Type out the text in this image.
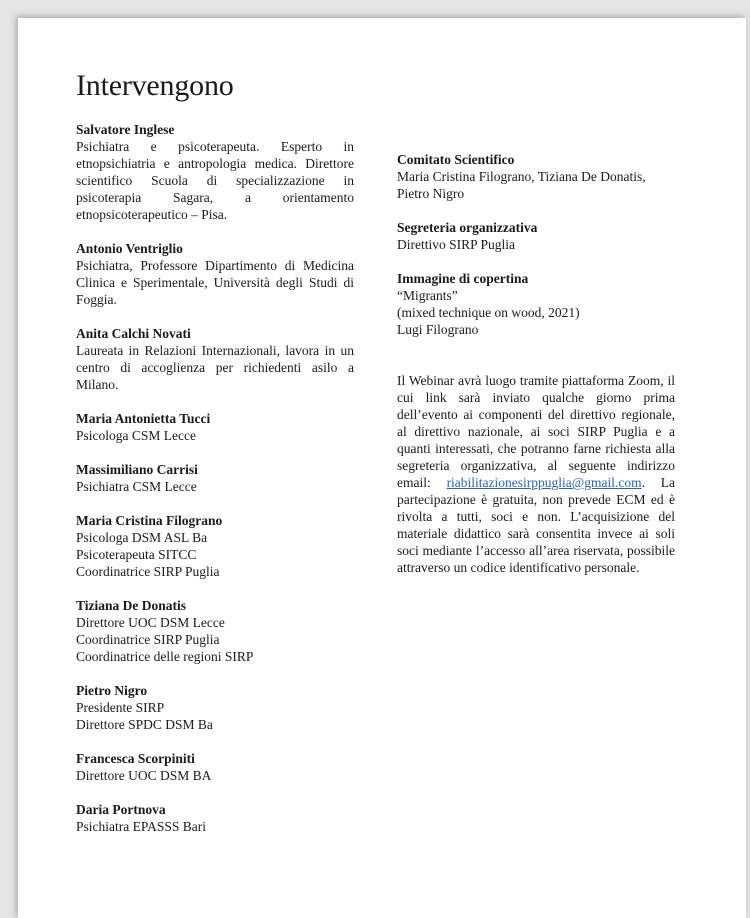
Intervengono
Salvatore Inglese
Psichiatra e psicoterapeuta. Esperto in etnopsichiatria e antropologia medica. Direttore scientifico Scuola di specializzazione in psicoterapia Sagara, a orientamento etnopsicoterapeutico – Pisa.
Antonio Ventriglio
Psichiatra, Professore Dipartimento di Medicina Clinica e Sperimentale, Università degli Studi di Foggia.
Anita Calchi Novati
Laureata in Relazioni Internazionali, lavora in un centro di accoglienza per richiedenti asilo a Milano.
Maria Antonietta Tucci
Psicologa CSM Lecce
Massimiliano Carrisi
Psichiatra CSM Lecce
Maria Cristina Filograno
Psicologa DSM ASL Ba
Psicoterapeuta SITCC
Coordinatrice SIRP Puglia
Tiziana De Donatis
Direttore UOC DSM Lecce
Coordinatrice SIRP Puglia
Coordinatrice delle regioni SIRP
Pietro Nigro
Presidente SIRP
Direttore SPDC DSM Ba
Francesca Scorpiniti
Direttore UOC DSM BA
Daria Portnova
Psichiatra EPASSS Bari
Comitato Scientifico
Maria Cristina Filograno, Tiziana De Donatis, Pietro Nigro
Segreteria organizzativa
Direttivo SIRP Puglia
Immagine di copertina
“Migrants”
(mixed technique on wood, 2021)
Lugi Filograno
Il Webinar avrà luogo tramite piattaforma Zoom, il cui link sarà inviato qualche giorno prima dell’evento ai componenti del direttivo regionale, al direttivo nazionale, ai soci SIRP Puglia e a quanti interessati, che potranno farne richiesta alla segreteria organizzativa, al seguente indirizzo email: riabilitazionesirppuglia@gmail.com. La partecipazione è gratuita, non prevede ECM ed è rivolta a tutti, soci e non. L’acquisizione del materiale didattico sarà consentita invece ai soli soci mediante l’accesso all’area riservata, possibile attraverso un codice identificativo personale.
